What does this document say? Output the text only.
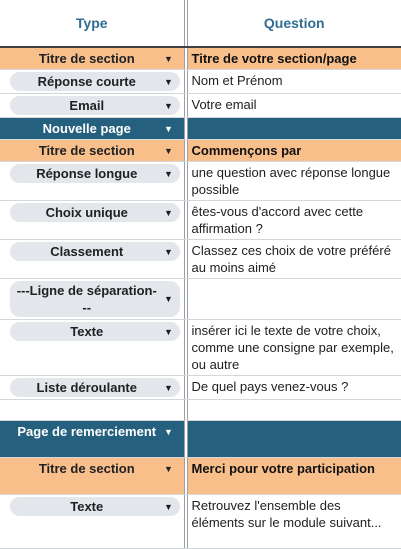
Type		Question

Titre de section ▼		Titre de votre section/page

Réponse courte ▼		Nom et Prénom

Email ▼		Votre email

Nouvelle page ▼		

Titre de section ▼		Commençons par

Réponse longue ▼		une question avec réponse longue possible

Choix unique ▼		êtes-vous d'accord avec cette affirmation ?

Classement ▼		Classez ces choix de votre préféré au moins aimé

---Ligne de séparation---
▼		

Texte ▼		insérer ici le texte de votre choix, comme une consigne par exemple, ou autre

Liste déroulante ▼		De quel pays venez-vous ?

Page de remerciement ▼		

Titre de section ▼		Merci pour votre participation

Texte ▼		Retrouvez l'ensemble des éléments sur le module suivant...
